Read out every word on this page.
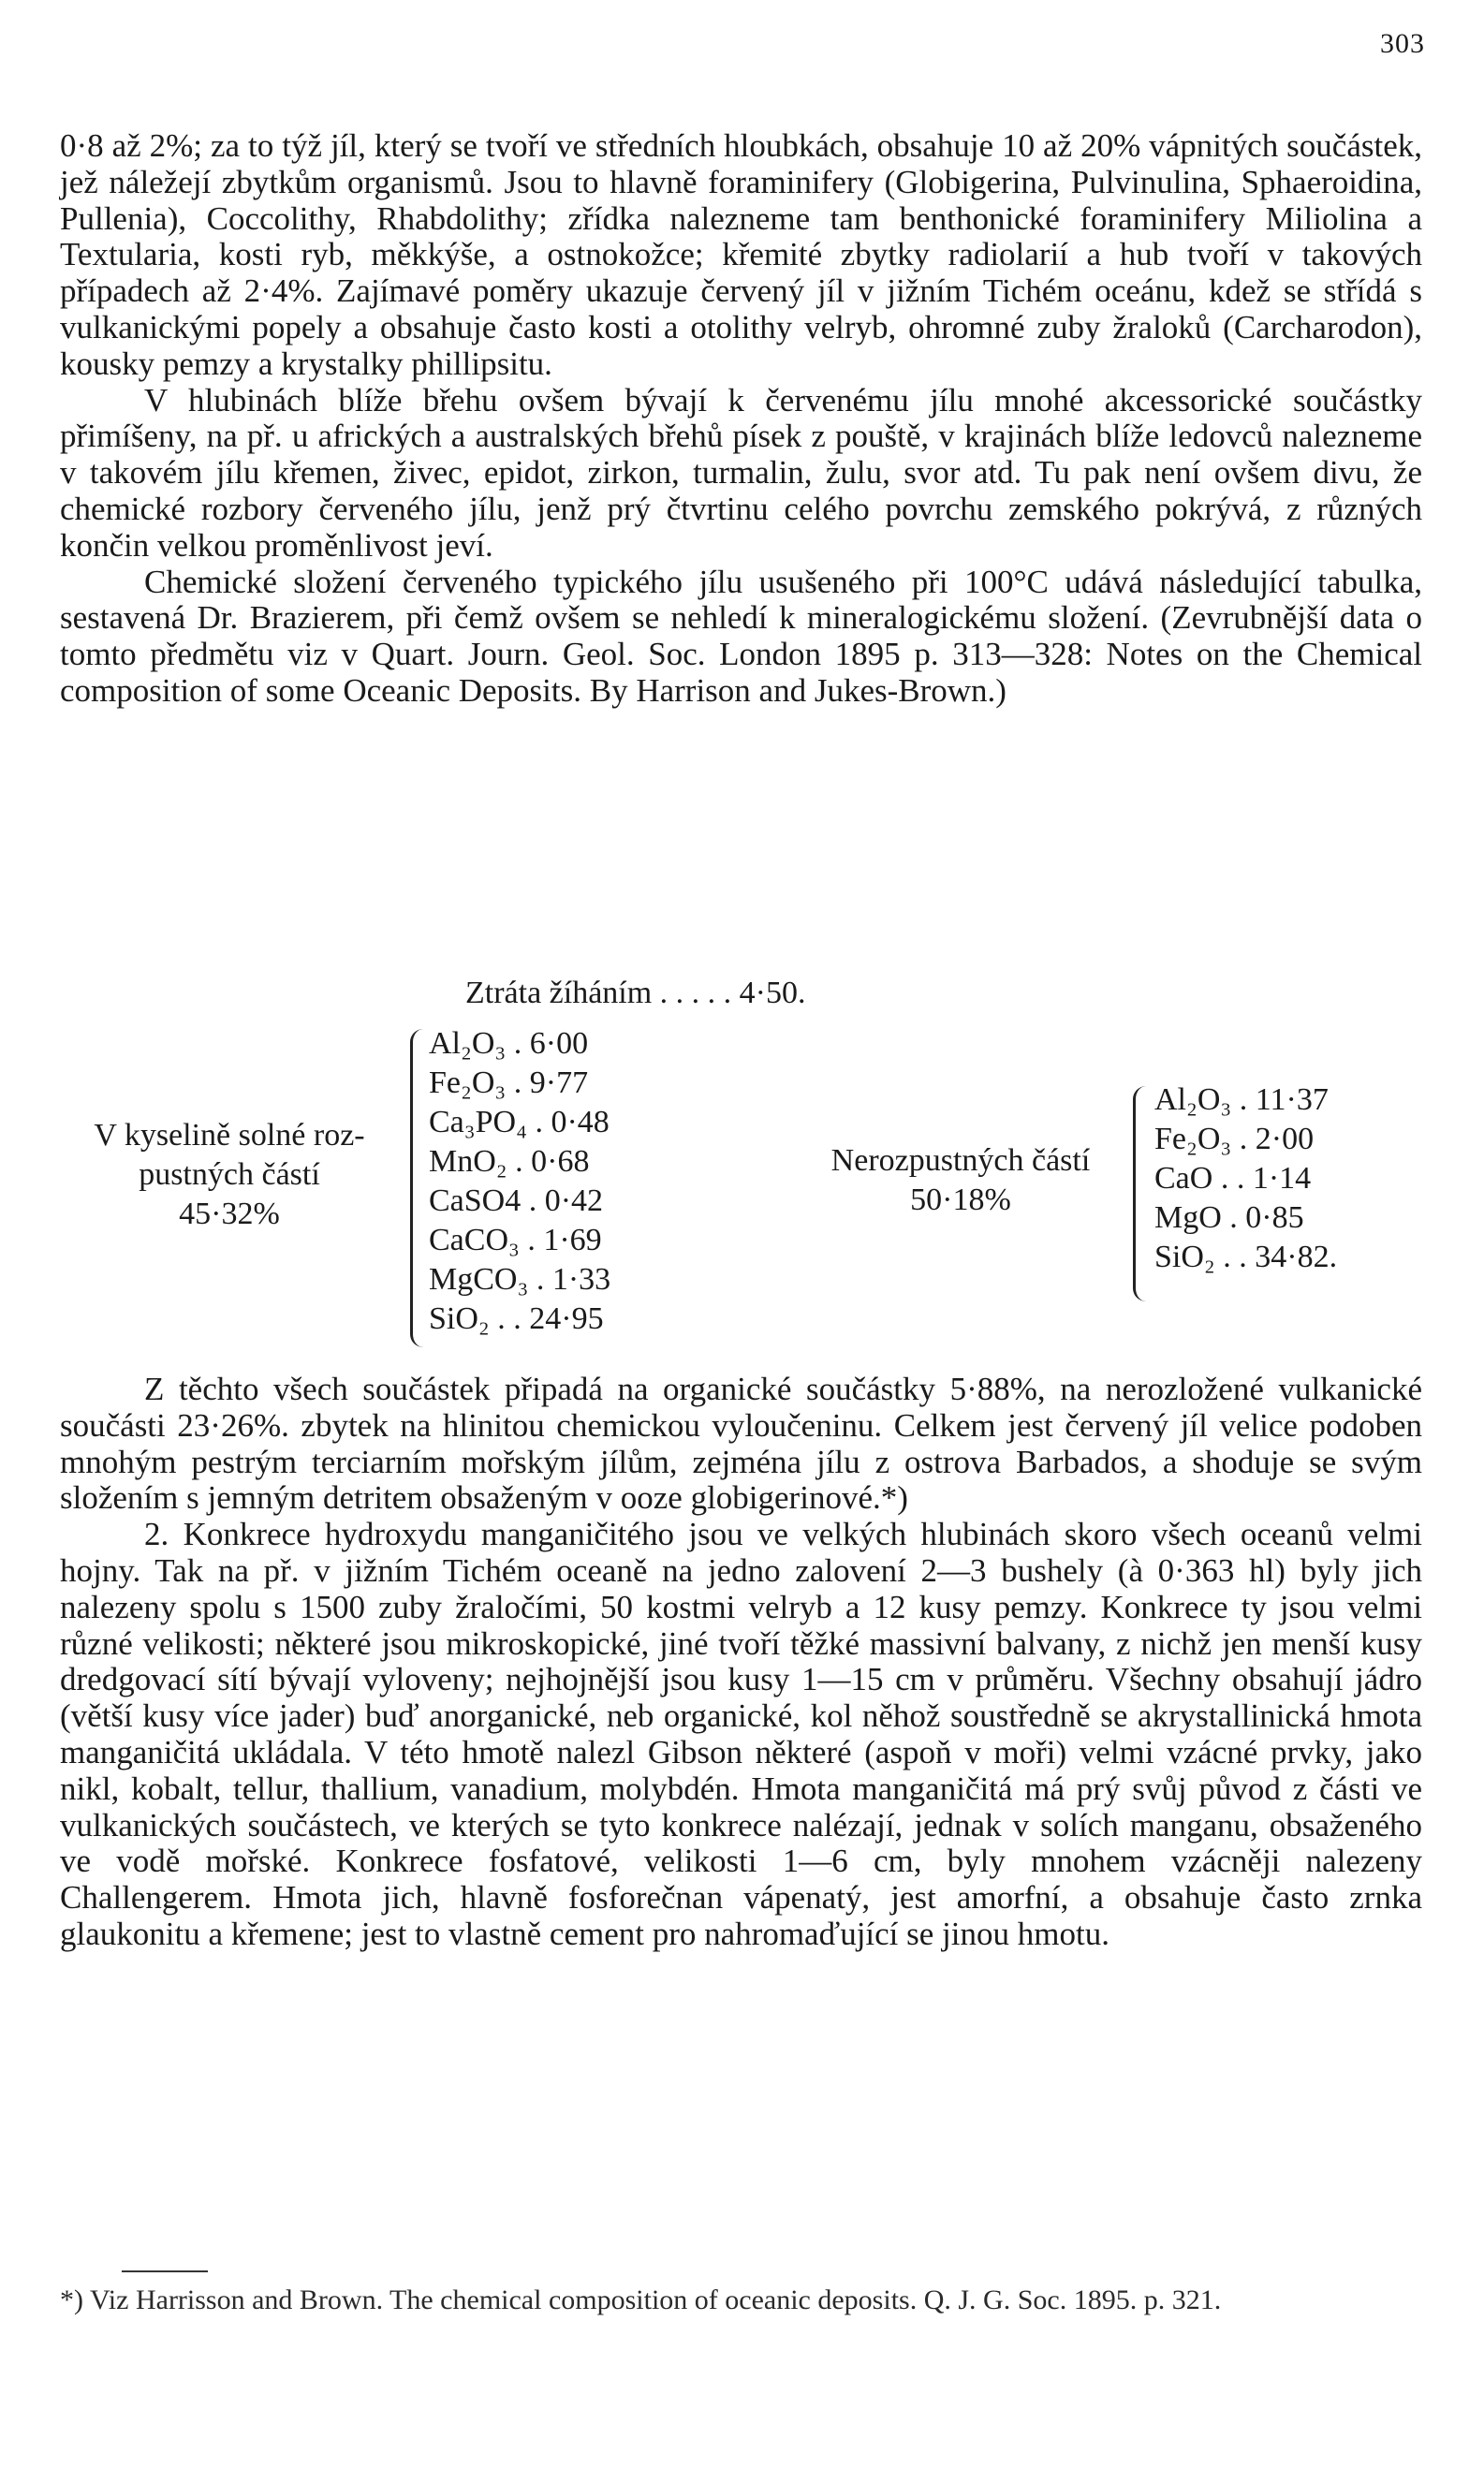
303

0·8 až 2%; za to týž jíl, který se tvoří ve středních hloubkách, obsahuje 10 až 20% vápnitých součástek, jež náležejí zbytkům organismů. Jsou to hlavně foraminifery (Globigerina, Pulvinulina, Sphaeroidina, Pullenia), Coccolithy, Rhabdolithy; zřídka nalezneme tam benthonické foraminifery Miliolina a Textularia, kosti ryb, měkkýše, a ostnokožce; křemité zbytky radiolarií a hub tvoří v takových případech až 2·4%. Zajímavé poměry ukazuje červený jíl v jižním Tichém oceánu, kdež se střídá s vulkanickými popely a obsahuje často kosti a otolithy velryb, ohromné zuby žraloků (Carcharodon), kousky pemzy a krystalky phillipsitu.

V hlubinách blíže břehu ovšem bývají k červenému jílu mnohé akcessorické součástky přimíšeny, na př. u afrických a australských břehů písek z pouště, v krajinách blíže ledovců nalezneme v takovém jílu křemen, živec, epidot, zirkon, turmalin, žulu, svor atd. Tu pak není ovšem divu, že chemické rozbory červeného jílu, jenž prý čtvrtinu celého povrchu zemského pokrývá, z různých končin velkou proměnlivost jeví.

Chemické složení červeného typického jílu usušeného při 100°C udává následující tabulka, sestavená Dr. Brazierem, při čemž ovšem se nehledí k mineralogickému složení. (Zevrubnější data o tomto předmětu viz v Quart. Journ. Geol. Soc. London 1895 p. 313—328: Notes on the Chemical composition of some Oceanic Deposits. By Harrison and Jukes-Brown.)

Ztráta žíháním . . . . . 4·50.
V kyselině solné roz-
pustných částí
45·32%
Al₂O₃ . 6·00
Fe₂O₃ . 9·77
Ca₃PO₄ . 0·48
MnO₂ . 0·68
CaSO4 . 0·42
CaCO₃ . 1·69
MgCO₃ . 1·33
SiO₂ . . 24·95
Nerozpustných částí
50·18%
Al₂O₃ . 11·37
Fe₂O₃ . 2·00
CaO . . 1·14
MgO . 0·85
SiO₂ . . 34·82.

Z těchto všech součástek připadá na organické součástky 5·88%, na nerozložené vulkanické součásti 23·26%. zbytek na hlinitou chemickou vyloučeninu. Celkem jest červený jíl velice podoben mnohým pestrým terciarním mořským jílům, zejména jílu z ostrova Barbados, a shoduje se svým složením s jemným detritem obsaženým v ooze globigerinové.*)

2. Konkrece hydroxydu manganičitého jsou ve velkých hlubinách skoro všech oceanů velmi hojny. Tak na př. v jižním Tichém oceaně na jedno zalovení 2—3 bushely (à 0·363 hl) byly jich nalezeny spolu s 1500 zuby žraločími, 50 kostmi velryb a 12 kusy pemzy. Konkrece ty jsou velmi různé velikosti; některé jsou mikroskopické, jiné tvoří těžké massivní balvany, z nichž jen menší kusy dredgovací sítí bývají vyloveny; nejhojnější jsou kusy 1—15 cm v průměru. Všechny obsahují jádro (větší kusy více jader) buď anorganické, neb organické, kol něhož soustředně se akrystallinická hmota manganičitá ukládala. V této hmotě nalezl Gibson některé (aspoň v moři) velmi vzácné prvky, jako nikl, kobalt, tellur, thallium, vanadium, molybdén. Hmota manganičitá má prý svůj původ z části ve vulkanických součástech, ve kterých se tyto konkrece nalézají, jednak v solích manganu, obsaženého ve vodě mořské. Konkrece fosfatové, velikosti 1—6 cm, byly mnohem vzácněji nalezeny Challengerem. Hmota jich, hlavně fosforečnan vápenatý, jest amorfní, a obsahuje často zrnka glaukonitu a křemene; jest to vlastně cement pro nahromaďující se jinou hmotu.

*) Viz Harrisson and Brown. The chemical composition of oceanic deposits. Q. J. G. Soc. 1895. p. 321.
